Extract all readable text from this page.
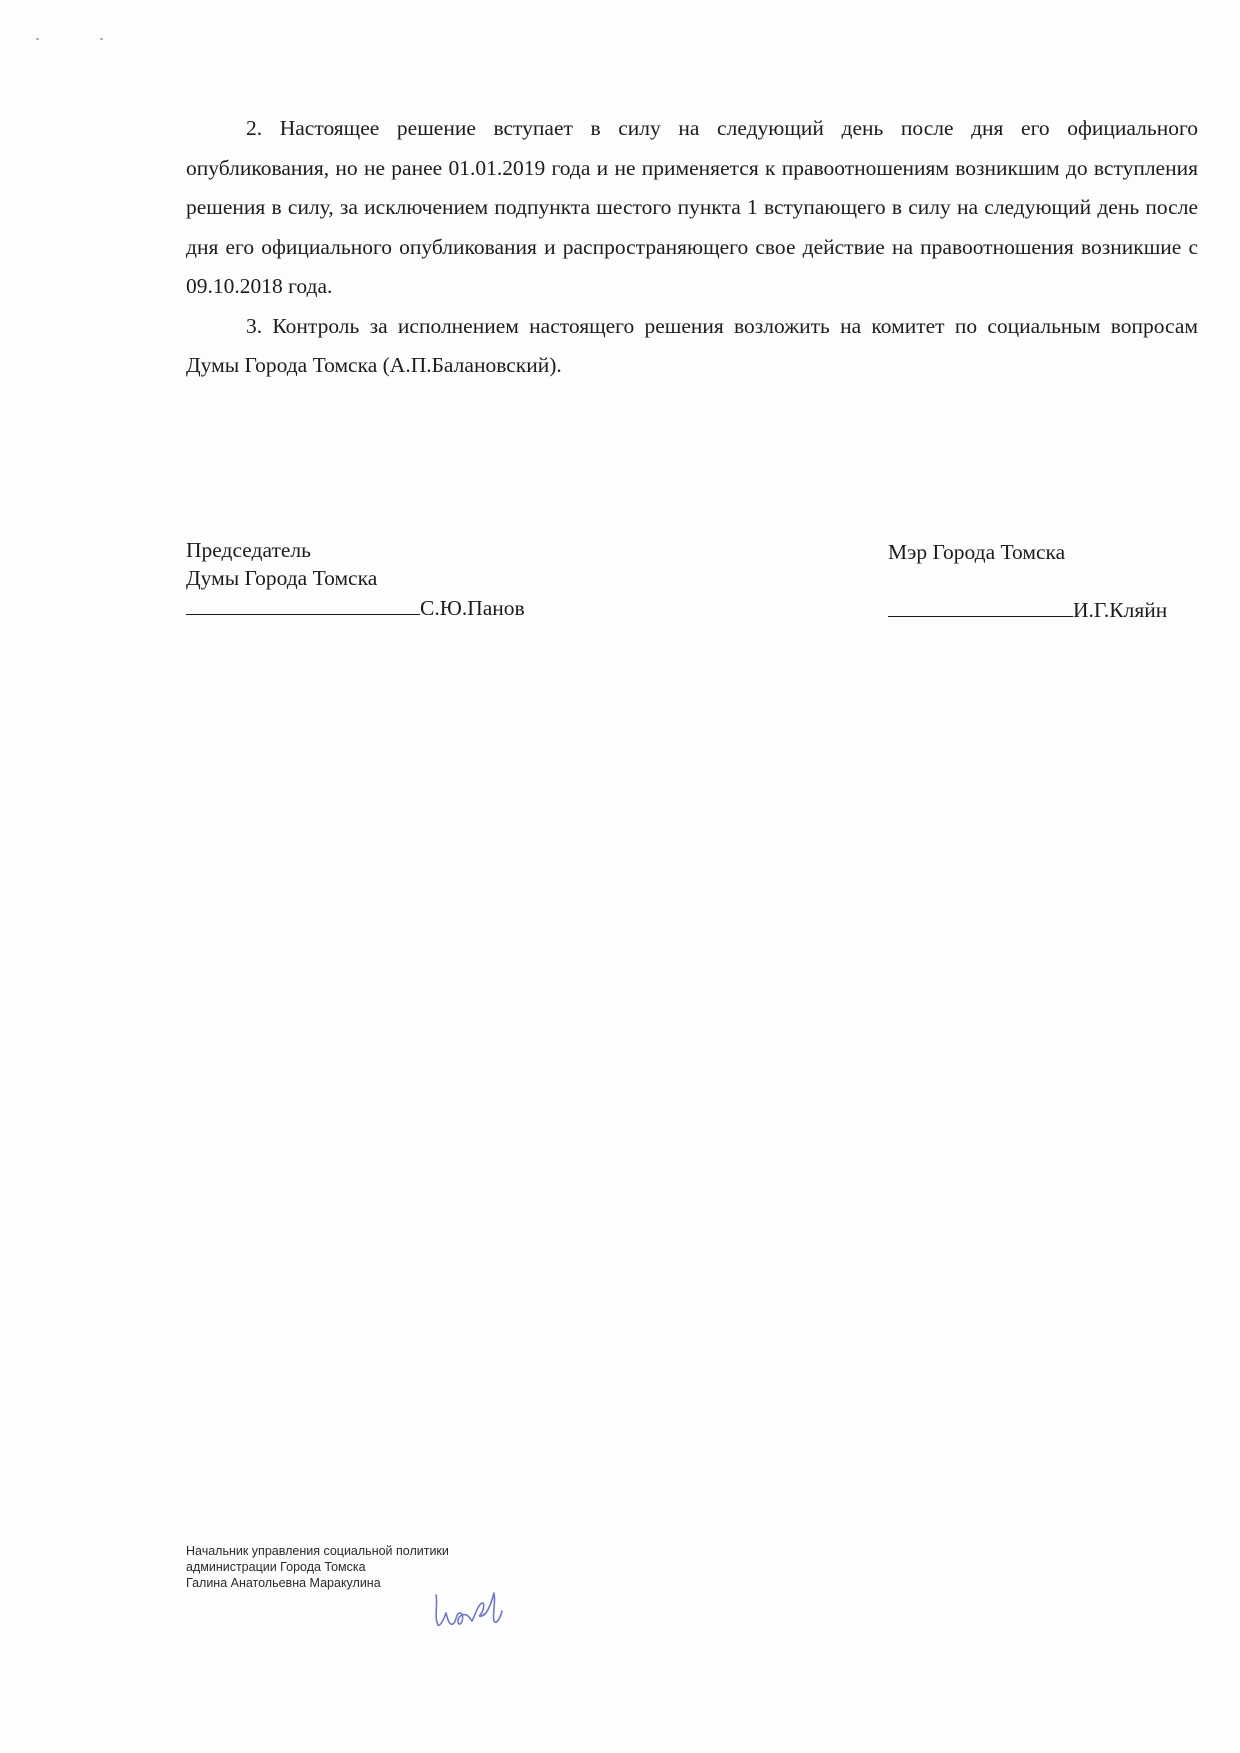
2. Настоящее решение вступает в силу на следующий день после дня его официального опубликования, но не ранее 01.01.2019 года и не применяется к правоотношениям возникшим до вступления решения в силу, за исключением подпункта шестого пункта 1 вступающего в силу на следующий день после дня его официального опубликования и распространяющего свое действие на правоотношения возникшие с 09.10.2018 года.

3. Контроль за исполнением настоящего решения возложить на комитет по социальным вопросам Думы Города Томска (А.П.Балановский).

Председатель
Думы Города Томска
С.Ю.Панов
Мэр Города Томска
И.Г.Кляйн
Начальник управления социальной политики
администрации Города Томска
Галина Анатольевна Маракулина
